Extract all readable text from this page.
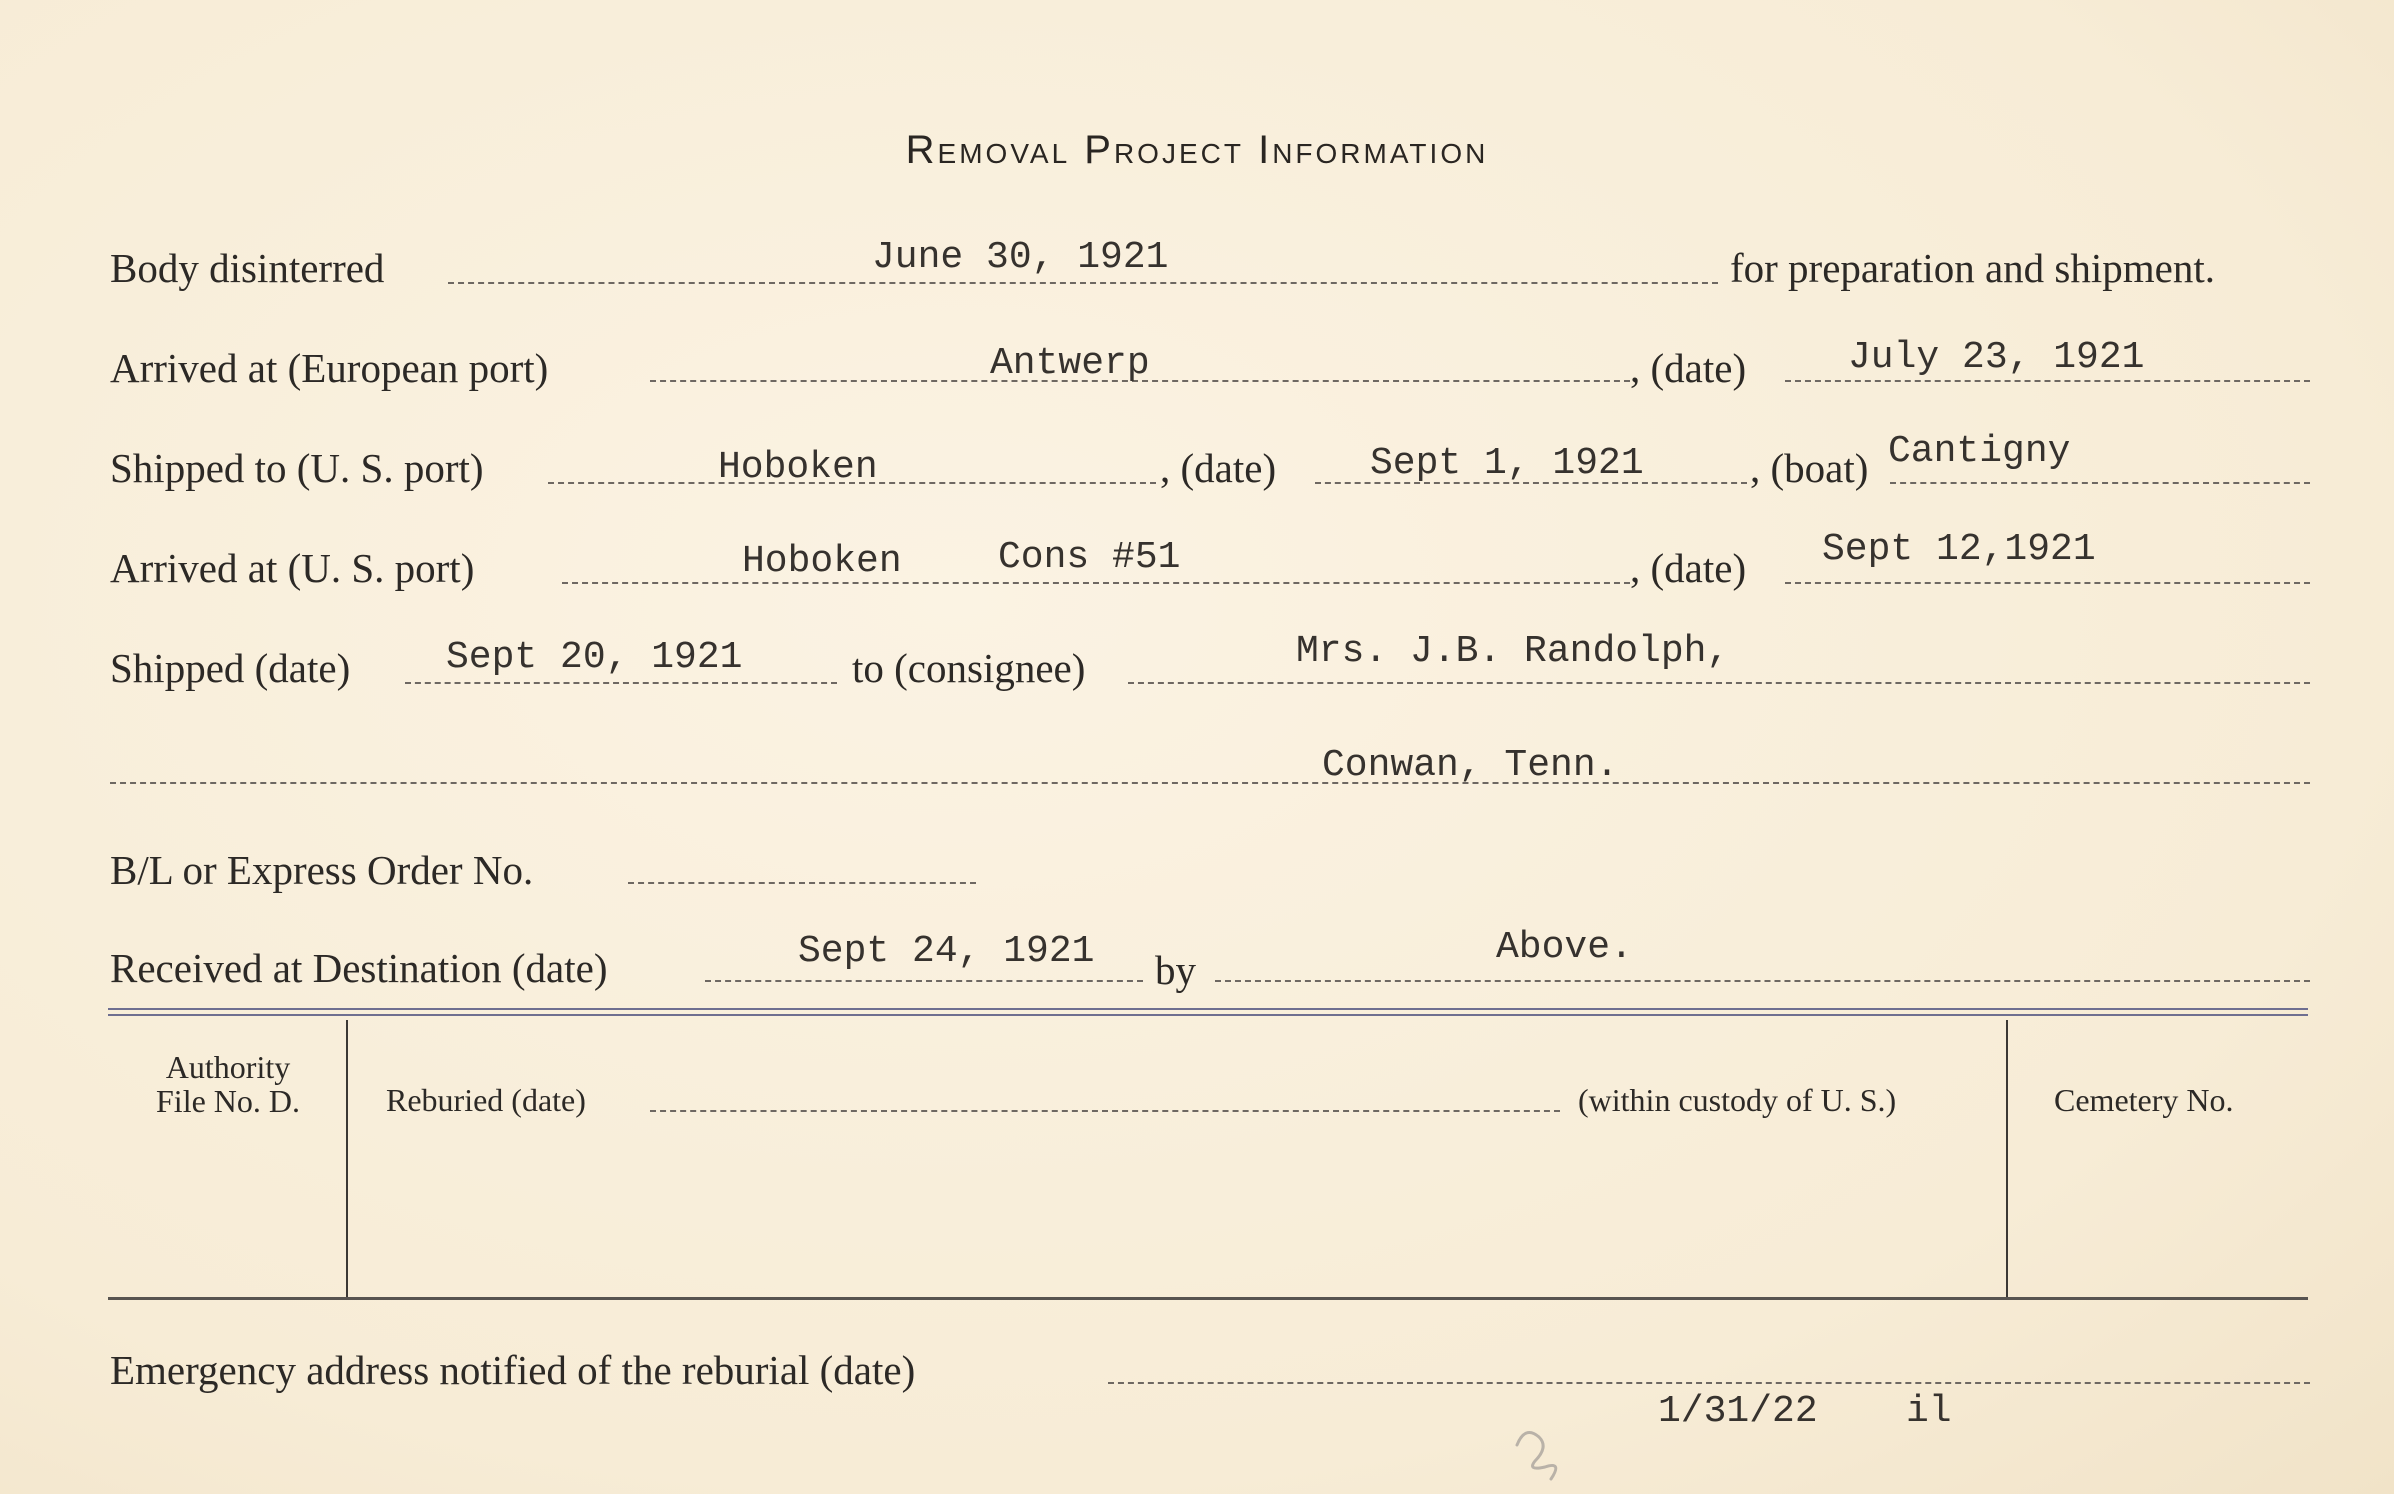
Removal Project Information
Body disinterred	June 30, 1921	for preparation and shipment.
Arrived at (European port)	Antwerp	, (date)	July 23, 1921
Shipped to (U. S. port)	Hoboken	, (date) Sept 1, 1921	, (boat) Cantigny
Arrived at (U. S. port)	Hoboken	Cons #51	, (date) Sept 12,1921
Shipped (date)	Sept 20, 1921	to (consignee)	Mrs. J.B. Randolph,
Conwan, Tenn.
B/L or Express Order No.
Received at Destination (date)	Sept 24, 1921 by	Above.
Authority
File No. D.	Reburied (date)	(within custody of U. S.)	Cemetery No.
Emergency address notified of the reburial (date)
1/31/22 il
